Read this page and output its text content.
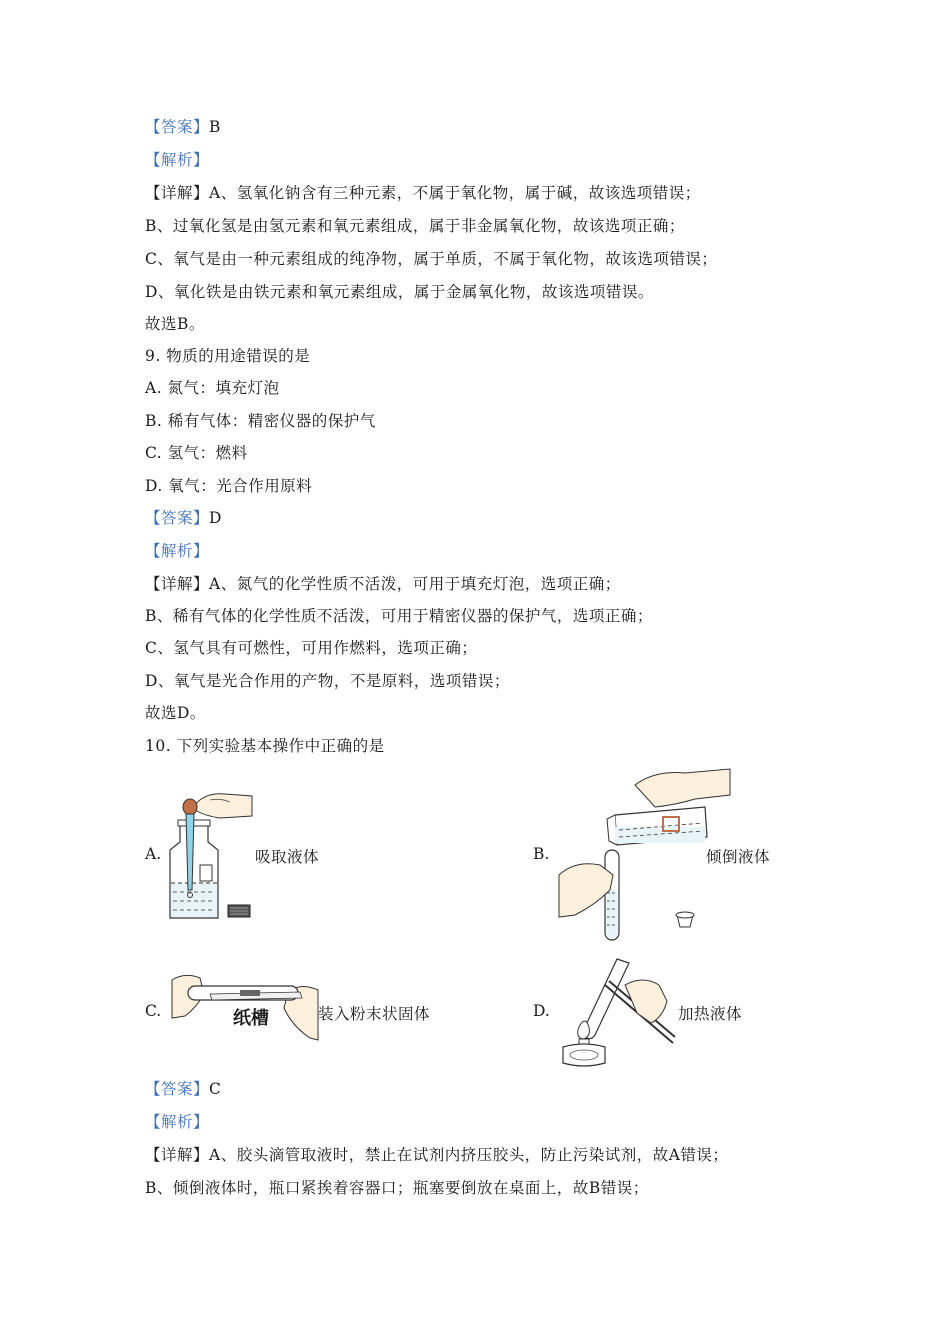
【答案】B
【解析】
【详解】A、氢氧化钠含有三种元素，不属于氧化物，属于碱，故该选项错误；
B、过氧化氢是由氢元素和氧元素组成，属于非金属氧化物，故该选项正确；
C、氧气是由一种元素组成的纯净物，属于单质，不属于氧化物，故该选项错误；
D、氧化铁是由铁元素和氧元素组成，属于金属氧化物，故该选项错误。
故选B。
9. 物质的用途错误的是
A. 氮气：填充灯泡
B. 稀有气体：精密仪器的保护气
C. 氢气：燃料
D. 氧气：光合作用原料
【答案】D
【解析】
【详解】A、氮气的化学性质不活泼，可用于填充灯泡，选项正确；
B、稀有气体的化学性质不活泼，可用于精密仪器的保护气，选项正确；
C、氢气具有可燃性，可用作燃料，选项正确；
D、氧气是光合作用的产物，不是原料，选项错误；
故选D。
10. 下列实验基本操作中正确的是
A.	吸取液体	B.	倾倒液体
C.	装入粉末状固体
纸槽	D.	加热液体
【答案】C
【解析】
【详解】A、胶头滴管取液时，禁止在试剂内挤压胶头，防止污染试剂，故A错误；
B、倾倒液体时，瓶口紧挨着容器口；瓶塞要倒放在桌面上，故B错误；
